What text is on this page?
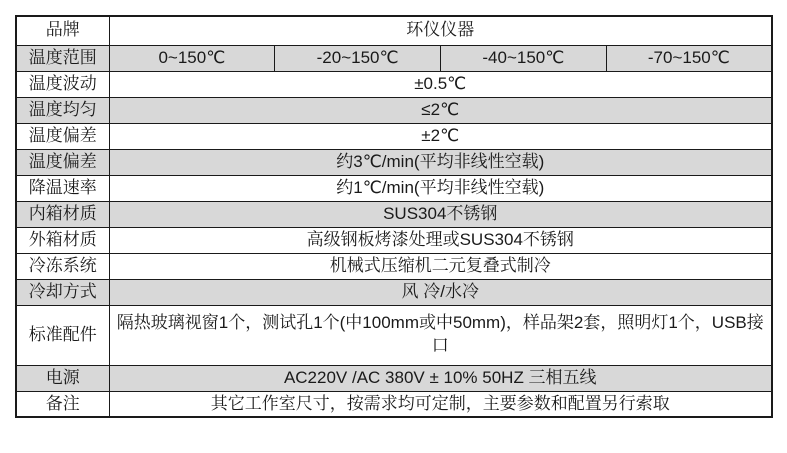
品牌	环仪仪器			
温度范围	0~150℃	-20~150℃	-40~150℃	-70~150℃
温度波动	±0.5℃			
温度均匀	≤2℃			
温度偏差	±2℃			
温度偏差	约3℃/min(平均非线性空载)			
降温速率	约1℃/min(平均非线性空载)			
内箱材质	SUS304不锈钢			
外箱材质	高级钢板烤漆处理或SUS304不锈钢			
冷冻系统	机械式压缩机二元复叠式制冷			
冷却方式	风 冷/水冷			
标准配件	隔热玻璃视窗1个，测试孔1个(中100mm或中50mm)，样品架2套，照明灯1个，USB接口			
电源	AC220V /AC 380V ± 10% 50HZ 三相五线			
备注	其它工作室尺寸，按需求均可定制，主要参数和配置另行索取			
